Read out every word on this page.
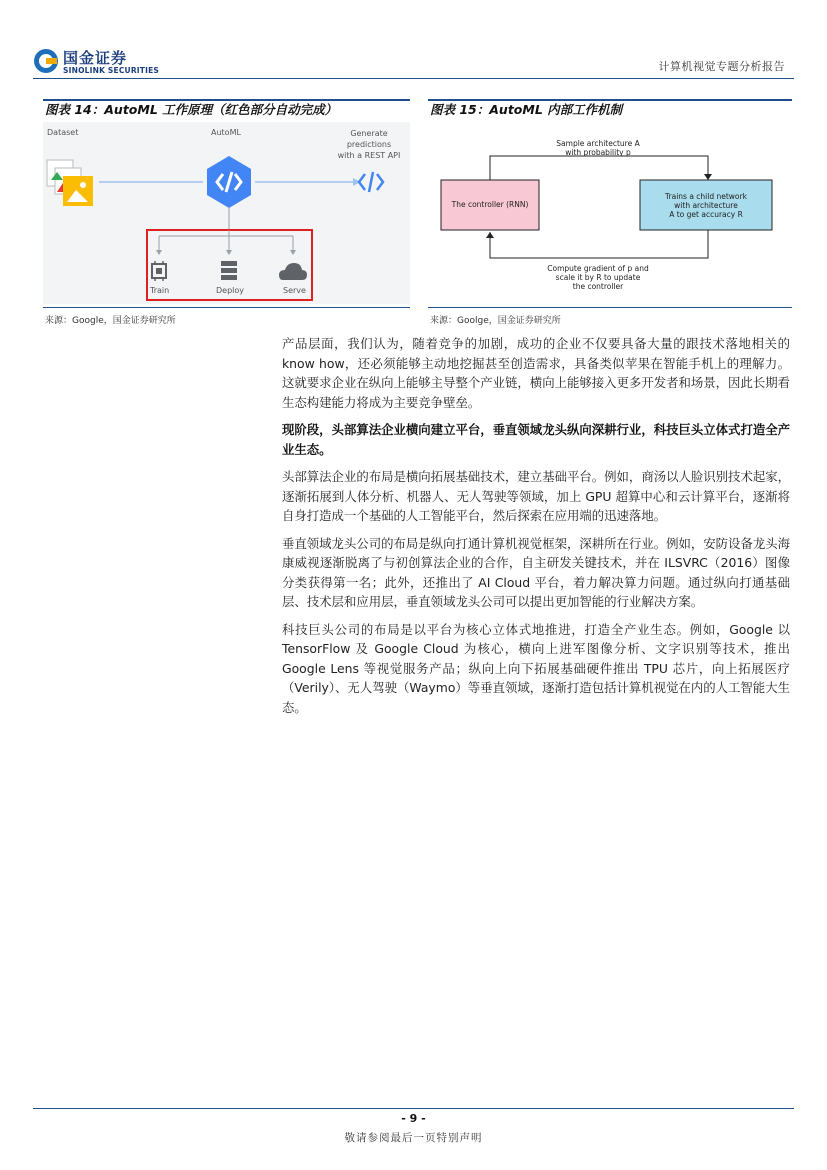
国金证券
SINOLINK SECURITIES	计算机视觉专题分析报告
图表 14：AutoML 工作原理（红色部分自动完成）
Dataset	AutoML	Generate predictions
with a REST API
Train	Deploy	Serve
来源：Google，国金证券研究所
图表 15：AutoML 内部工作机制
Sample architecture A
with probability p
The controller (RNN)
Trains a child network
with architecture
A to get accuracy R
Compute gradient of p and
scale it by R to update
the controller
来源：Goolge，国金证券研究所

产品层面，我们认为，随着竞争的加剧，成功的企业不仅要具备大量的跟技术落地相关的 know how，还必须能够主动地挖掘甚至创造需求，具备类似苹果在智能手机上的理解力。这就要求企业在纵向上能够主导整个产业链，横向上能够接入更多开发者和场景，因此长期看生态构建能力将成为主要竞争壁垒。

现阶段，头部算法企业横向建立平台，垂直领域龙头纵向深耕行业，科技巨头立体式打造全产业生态。

头部算法企业的布局是横向拓展基础技术，建立基础平台。例如，商汤以人脸识别技术起家，逐渐拓展到人体分析、机器人、无人驾驶等领域，加上 GPU 超算中心和云计算平台，逐渐将自身打造成一个基础的人工智能平台，然后探索在应用端的迅速落地。

垂直领域龙头公司的布局是纵向打通计算机视觉框架，深耕所在行业。例如，安防设备龙头海康威视逐渐脱离了与初创算法企业的合作，自主研发关键技术，并在 ILSVRC（2016）图像分类获得第一名；此外，还推出了 AI Cloud 平台，着力解决算力问题。通过纵向打通基础层、技术层和应用层，垂直领域龙头公司可以提出更加智能的行业解决方案。

科技巨头公司的布局是以平台为核心立体式地推进，打造全产业生态。例如，Google 以 TensorFlow 及 Google Cloud 为核心，横向上进军图像分析、文字识别等技术，推出 Google Lens 等视觉服务产品；纵向上向下拓展基础硬件推出 TPU 芯片，向上拓展医疗（Verily）、无人驾驶（Waymo）等垂直领域，逐渐打造包括计算机视觉在内的人工智能大生态。

- 9 -
敬请参阅最后一页特别声明
